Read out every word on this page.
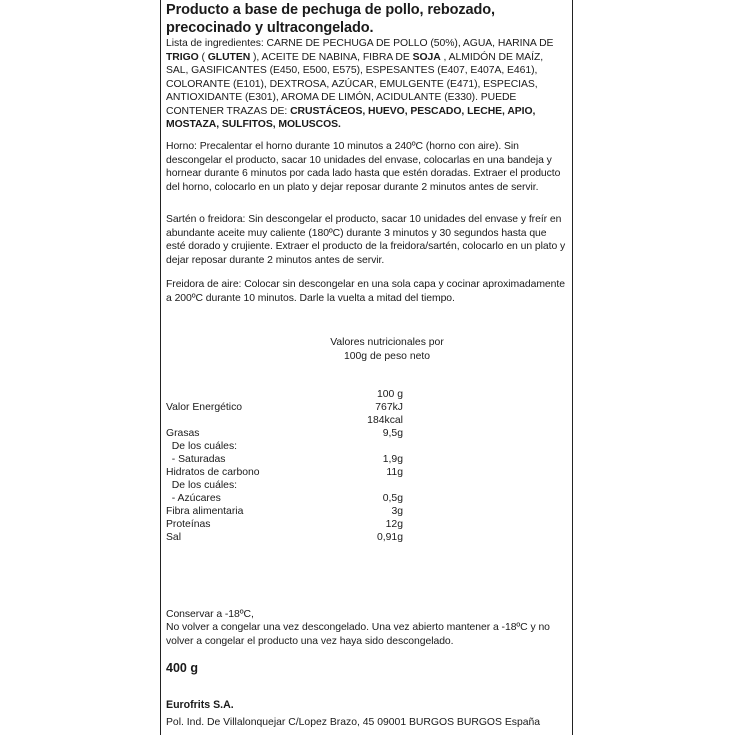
Producto a base de pechuga de pollo, rebozado, precocinado y ultracongelado.
Lista de ingredientes: CARNE DE PECHUGA DE POLLO (50%), AGUA, HARINA DE TRIGO ( GLUTEN ), ACEITE DE NABINA, FIBRA DE SOJA , ALMIDÓN DE MAÍZ, SAL, GASIFICANTES (E450, E500, E575), ESPESANTES (E407, E407A, E461), COLORANTE (E101), DEXTROSA, AZÚCAR, EMULGENTE (E471), ESPECIAS, ANTIOXIDANTE (E301), AROMA DE LIMÓN, ACIDULANTE (E330). PUEDE CONTENER TRAZAS DE: CRUSTÁCEOS, HUEVO, PESCADO, LECHE, APIO, MOSTAZA, SULFITOS, MOLUSCOS.
Horno: Precalentar el horno durante 10 minutos a 240ºC (horno con aire). Sin descongelar el producto, sacar 10 unidades del envase, colocarlas en una bandeja y hornear durante 6 minutos por cada lado hasta que estén doradas. Extraer el producto del horno, colocarlo en un plato y dejar reposar durante 2 minutos antes de servir.
Sartén o freidora: Sin descongelar el producto, sacar 10 unidades del envase y freír en abundante aceite muy caliente (180ºC) durante 3 minutos y 30 segundos hasta que esté dorado y crujiente. Extraer el producto de la freidora/sartén, colocarlo en un plato y dejar reposar durante 2 minutos antes de servir.
Freidora de aire: Colocar sin descongelar en una sola capa y cocinar aproximadamente a 200ºC durante 10 minutos. Darle la vuelta a mitad del tiempo.
Valores nutricionales por 100g de peso neto
100 g
Valor Energético	767kJ
184kcal
Grasas	9,5g
De los cuáles:
- Saturadas	1,9g
Hidratos de carbono	11g
De los cuáles:
- Azúcares	0,5g
Fibra alimentaria	3g
Proteínas	12g
Sal	0,91g
Conservar a -18ºC,
No volver a congelar una vez descongelado. Una vez abierto mantener a -18ºC y no volver a congelar el producto una vez haya sido descongelado.
400 g
Eurofrits S.A.
Pol. Ind. De Villalonquejar C/Lopez Brazo, 45 09001 BURGOS BURGOS España
